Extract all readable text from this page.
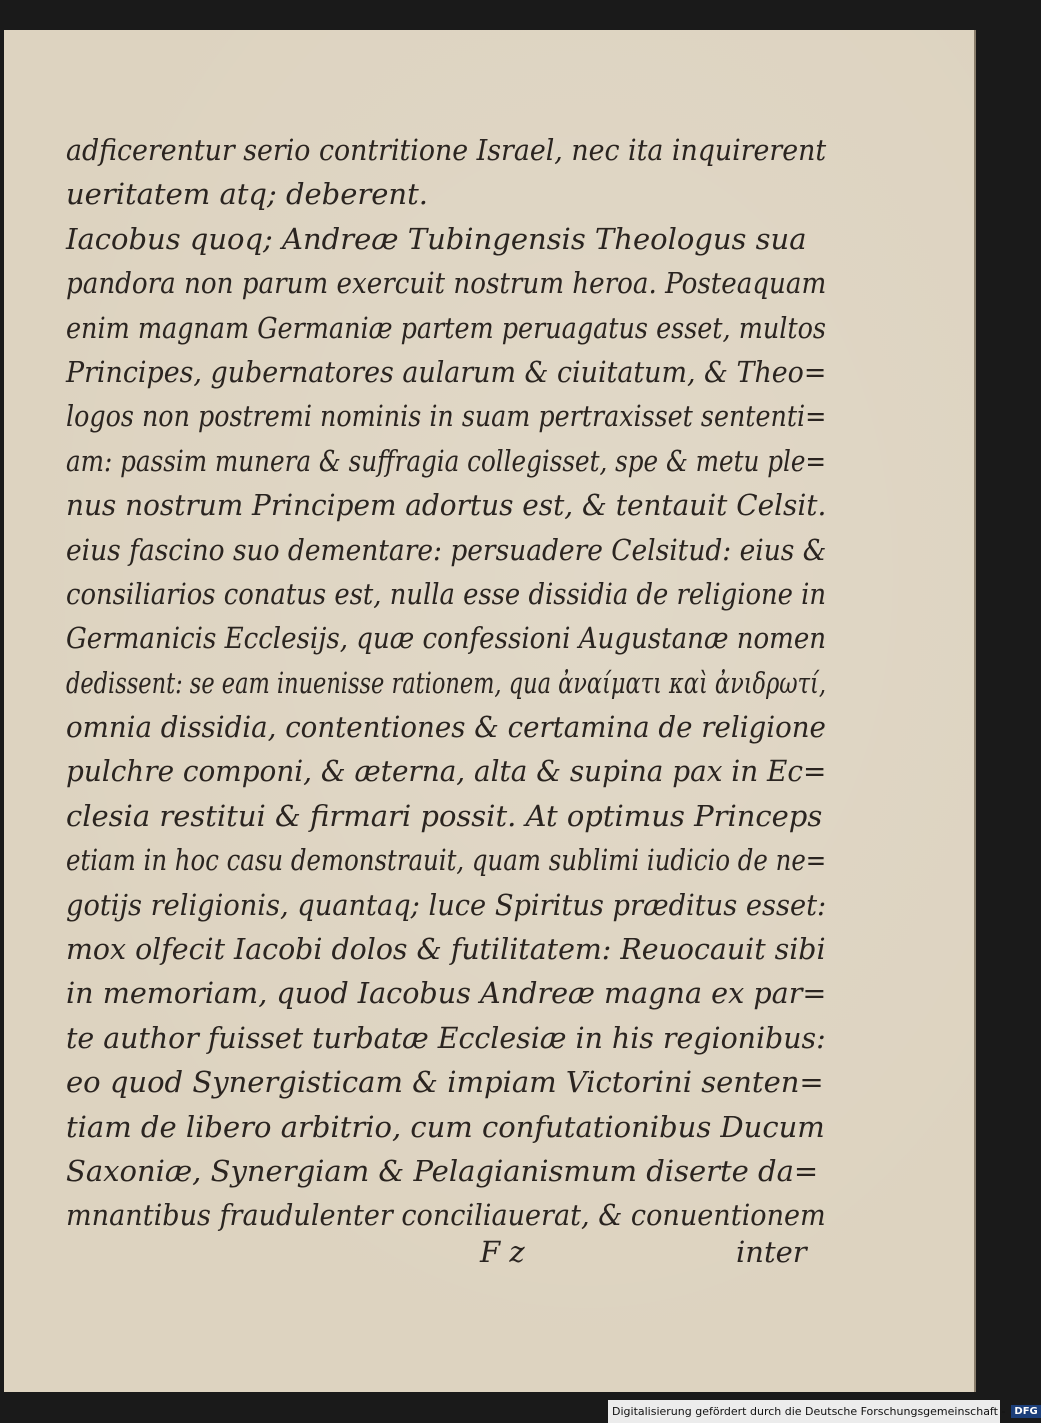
adficerentur serio contritione Israel, nec ita inquirerent
ueritatem atq; deberent.
Iacobus quoq; Andreæ Tubingensis Theologus sua
pandora non parum exercuit nostrum heroa. Posteaquam
enim magnam Germaniæ partem peruagatus esset, multos
Principes, gubernatores aularum & ciuitatum, & Theo=
logos non postremi nominis in suam pertraxisset sententi=
am: passim munera & suffragia collegisset, spe & metu ple=
nus nostrum Principem adortus est, & tentauit Celsit.
eius fascino suo dementare: persuadere Celsitud: eius &
consiliarios conatus est, nulla esse dissidia de religione in
Germanicis Ecclesijs, quæ confessioni Augustanæ nomen
dedissent: se eam inuenisse rationem, qua ἀναίματι καὶ ἀνιδρωτί,
omnia dissidia, contentiones & certamina de religione
pulchre componi, & æterna, alta & supina pax in Ec=
clesia restitui & firmari possit. At optimus Princeps
etiam in hoc casu demonstrauit, quam sublimi iudicio de ne=
gotijs religionis, quantaq; luce Spiritus præditus esset:
mox olfecit Iacobi dolos & futilitatem: Reuocauit sibi
in memoriam, quod Iacobus Andreæ magna ex par=
te author fuisset turbatæ Ecclesiæ in his regionibus:
eo quod Synergisticam & impiam Victorini senten=
tiam de libero arbitrio, cum confutationibus Ducum
Saxoniæ, Synergiam & Pelagianismum diserte da=
mnantibus fraudulenter conciliauerat, & conuentionem
F z	inter
Digitalisierung gefördert durch die Deutsche Forschungsgemeinschaft - DFG
